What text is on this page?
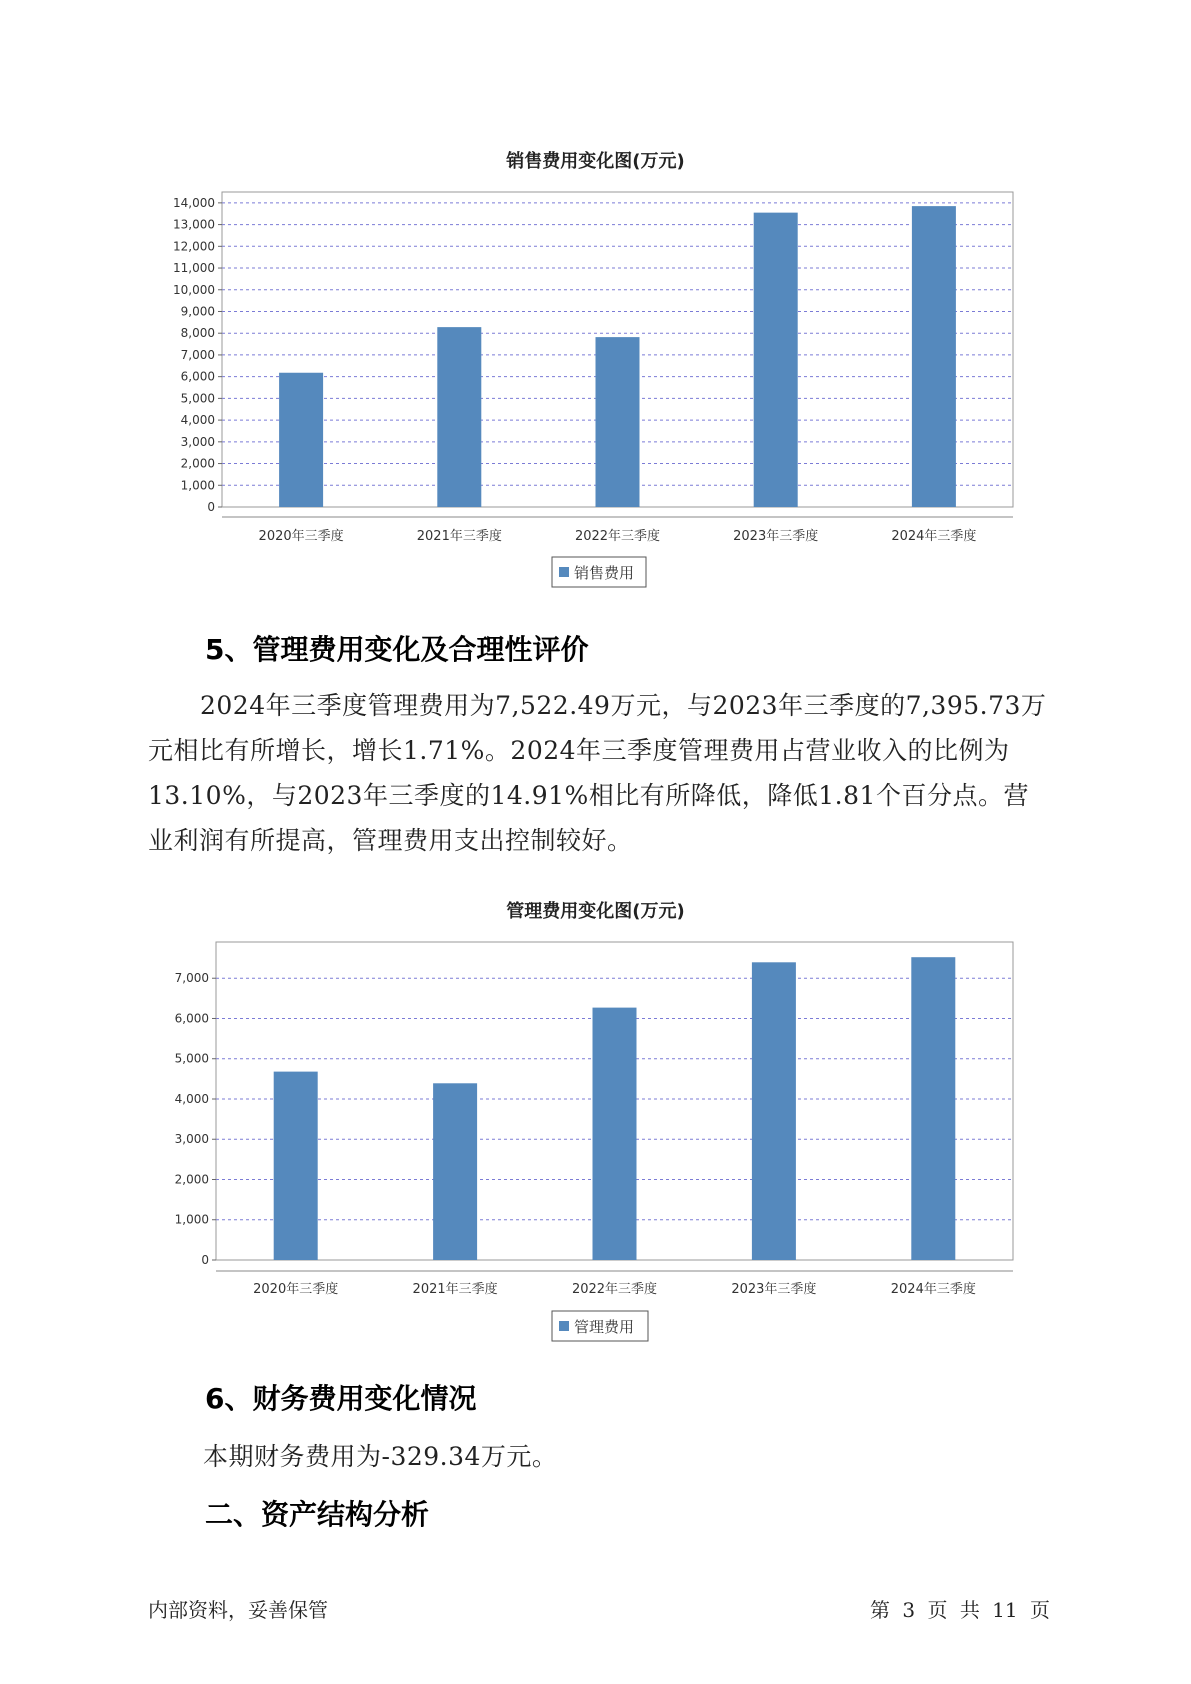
销售费用变化图(万元)
0
1,000
2,000
3,000
4,000
5,000
6,000
7,000
8,000
9,000
10,000
11,000
12,000
13,000
14,000
2020年三季度	2021年三季度	2022年三季度	2023年三季度	2024年三季度
销售费用
5、管理费用变化及合理性评价
2024年三季度管理费用为7,522.49万元，与2023年三季度的7,395.73万元相比有所增长，增长1.71%。2024年三季度管理费用占营业收入的比例为13.10%，与2023年三季度的14.91%相比有所降低，降低1.81个百分点。营业利润有所提高，管理费用支出控制较好。
管理费用变化图(万元)
0
1,000
2,000
3,000
4,000
5,000
6,000
7,000
2020年三季度	2021年三季度	2022年三季度	2023年三季度	2024年三季度
管理费用
6、财务费用变化情况
本期财务费用为-329.34万元。
二、资产结构分析
内部资料，妥善保管	第 3 页 共 11 页
